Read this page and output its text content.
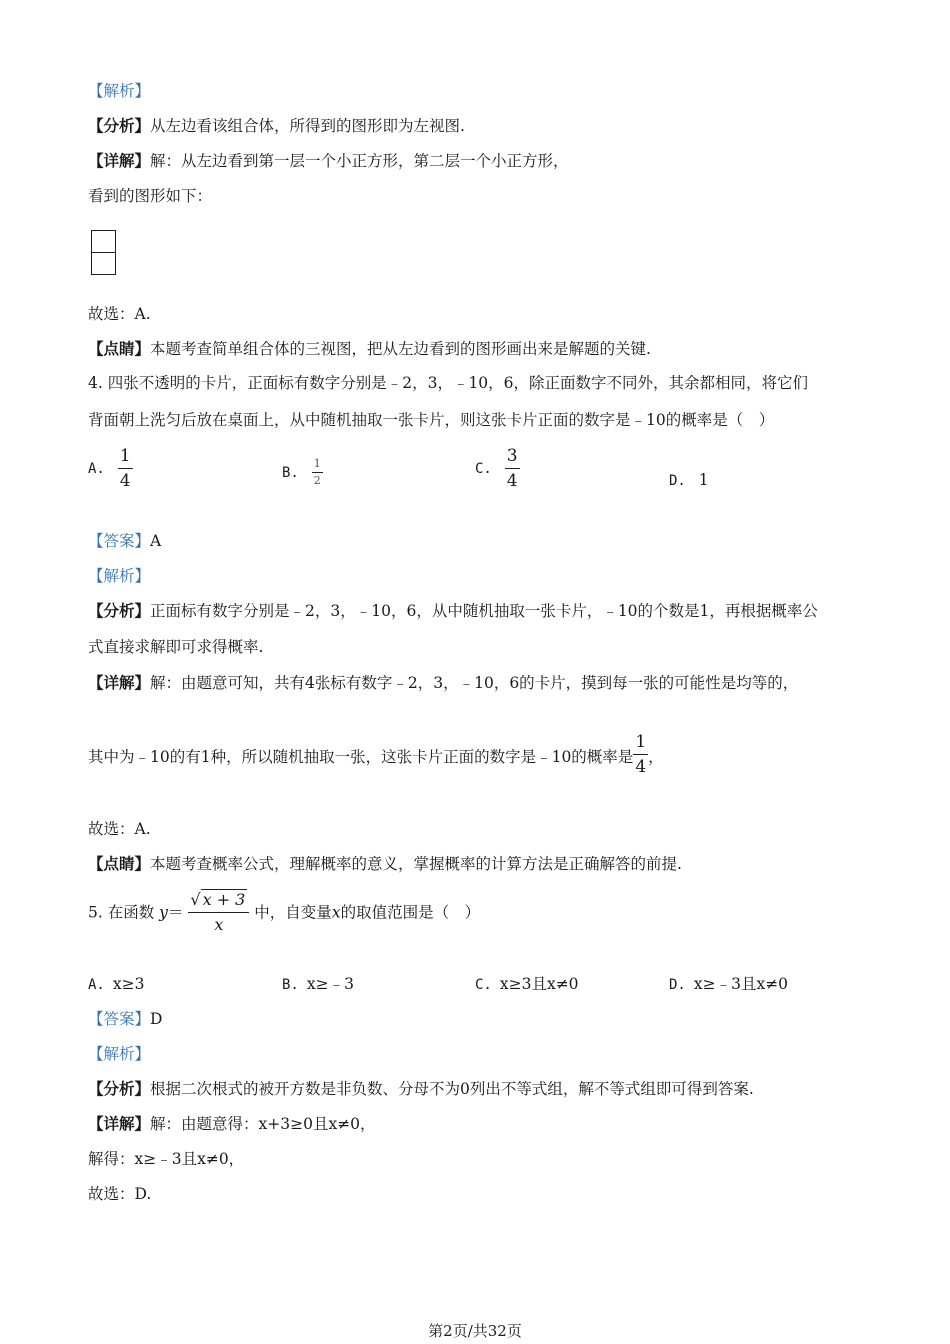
【解析】
【分析】从左边看该组合体，所得到的图形即为左视图.
【详解】解：从左边看到第一层一个小正方形，第二层一个小正方形，
看到的图形如下：
故选：A.
【点睛】本题考查简单组合体的三视图，把从左边看到的图形画出来是解题的关键.
4. 四张不透明的卡片，正面标有数字分别是﹣2，3，﹣10，6，除正面数字不同外，其余都相同，将它们
背面朝上洗匀后放在桌面上，从中随机抽取一张卡片，则这张卡片正面的数字是﹣10的概率是（　）
A. $\frac{1}{4}$	B. $\frac{1}{2}$	C. $\frac{3}{4}$	D. 1
【答案】A
【解析】
【分析】正面标有数字分别是﹣2，3，﹣10，6，从中随机抽取一张卡片，﹣10的个数是1，再根据概率公
式直接求解即可求得概率.
【详解】解：由题意可知，共有4张标有数字﹣2，3，﹣10，6的卡片，摸到每一张的可能性是均等的，
其中为﹣10的有1种，所以随机抽取一张，这张卡片正面的数字是﹣10的概率是 $\frac{1}{4}$ ，
故选：A.
【点睛】本题考查概率公式，理解概率的意义，掌握概率的计算方法是正确解答的前提.
5. 在函数 $y= \frac{√ x + 3}{x}$ 中，自变量x的取值范围是（　）
A. x≥3	B. x≥﹣3	C. x≥3且x≠0	D. x≥﹣3且x≠0
【答案】D
【解析】
【分析】根据二次根式的被开方数是非负数、分母不为0列出不等式组，解不等式组即可得到答案.
【详解】解：由题意得：x+3≥0且x≠0，
解得：x≥﹣3且x≠0，
故选：D.
第2页/共32页
